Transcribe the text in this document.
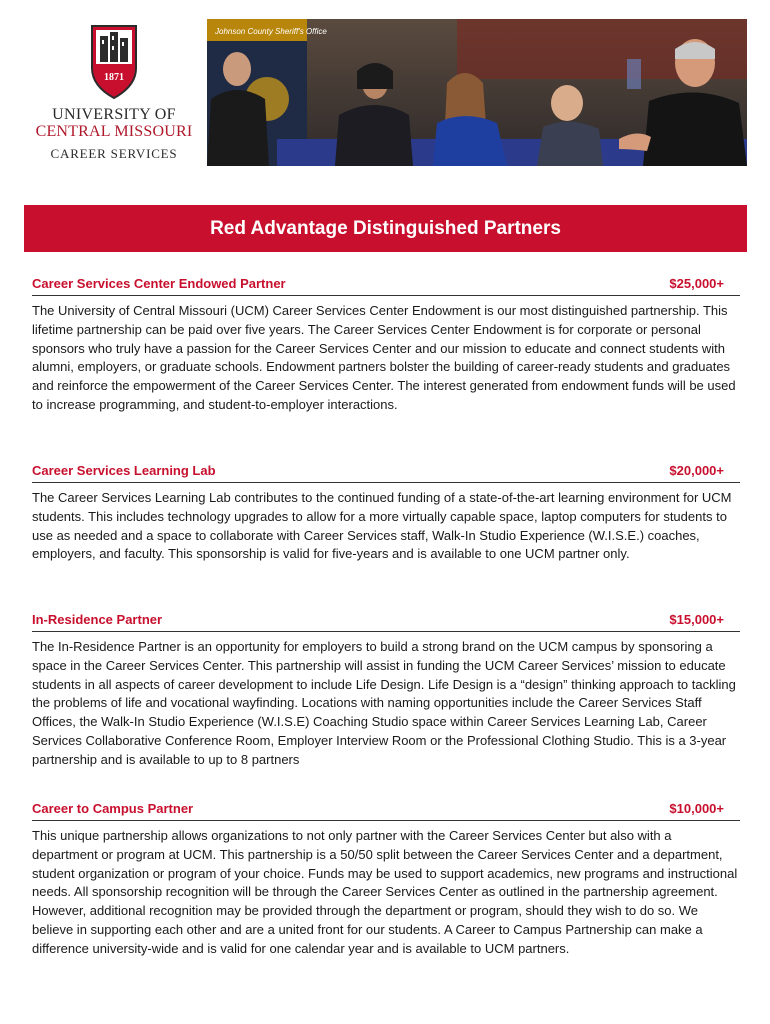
1871
UNIVERSITY OF
CENTRAL MISSOURI
CAREER SERVICES
Johnson County Sheriff's Office
Red Advantage Distinguished Partners
Career Services Center Endowed Partner	$25,000+
The University of Central Missouri (UCM) Career Services Center Endowment is our most distinguished partnership. This lifetime partnership can be paid over five years. The Career Services Center Endowment is for corporate or personal sponsors who truly have a passion for the Career Services Center and our mission to educate and connect students with alumni, employers, or graduate schools. Endowment partners bolster the building of career-ready students and graduates and reinforce the empowerment of the Career Services Center. The interest generated from endowment funds will be used to increase programming, and student-to-employer interactions.
Career Services Learning Lab	$20,000+
The Career Services Learning Lab contributes to the continued funding of a state-of-the-art learning environment for UCM students. This includes technology upgrades to allow for a more virtually capable space, laptop computers for students to use as needed and a space to collaborate with Career Services staff, Walk-In Studio Experience (W.I.S.E.) coaches, employers, and faculty. This sponsorship is valid for five-years and is available to one UCM partner only.
In-Residence Partner	$15,000+
The In-Residence Partner is an opportunity for employers to build a strong brand on the UCM campus by sponsoring a space in the Career Services Center. This partnership will assist in funding the UCM Career Services’ mission to educate students in all aspects of career development to include Life Design. Life Design is a “design” thinking approach to tackling the problems of life and vocational wayfinding. Locations with naming opportunities include the Career Services Staff Offices, the Walk-In Studio Experience (W.I.S.E) Coaching Studio space within Career Services Learning Lab, Career Services Collaborative Conference Room, Employer Interview Room or the Professional Clothing Studio. This is a 3-year partnership and is available to up to 8 partners
Career to Campus Partner	$10,000+
This unique partnership allows organizations to not only partner with the Career Services Center but also with a department or program at UCM. This partnership is a 50/50 split between the Career Services Center and a department, student organization or program of your choice. Funds may be used to support academics, new programs and instructional needs. All sponsorship recognition will be through the Career Services Center as outlined in the partnership agreement. However, additional recognition may be provided through the department or program, should they wish to do so. We believe in supporting each other and are a united front for our students. A Career to Campus Partnership can make a difference university-wide and is valid for one calendar year and is available to UCM partners.
